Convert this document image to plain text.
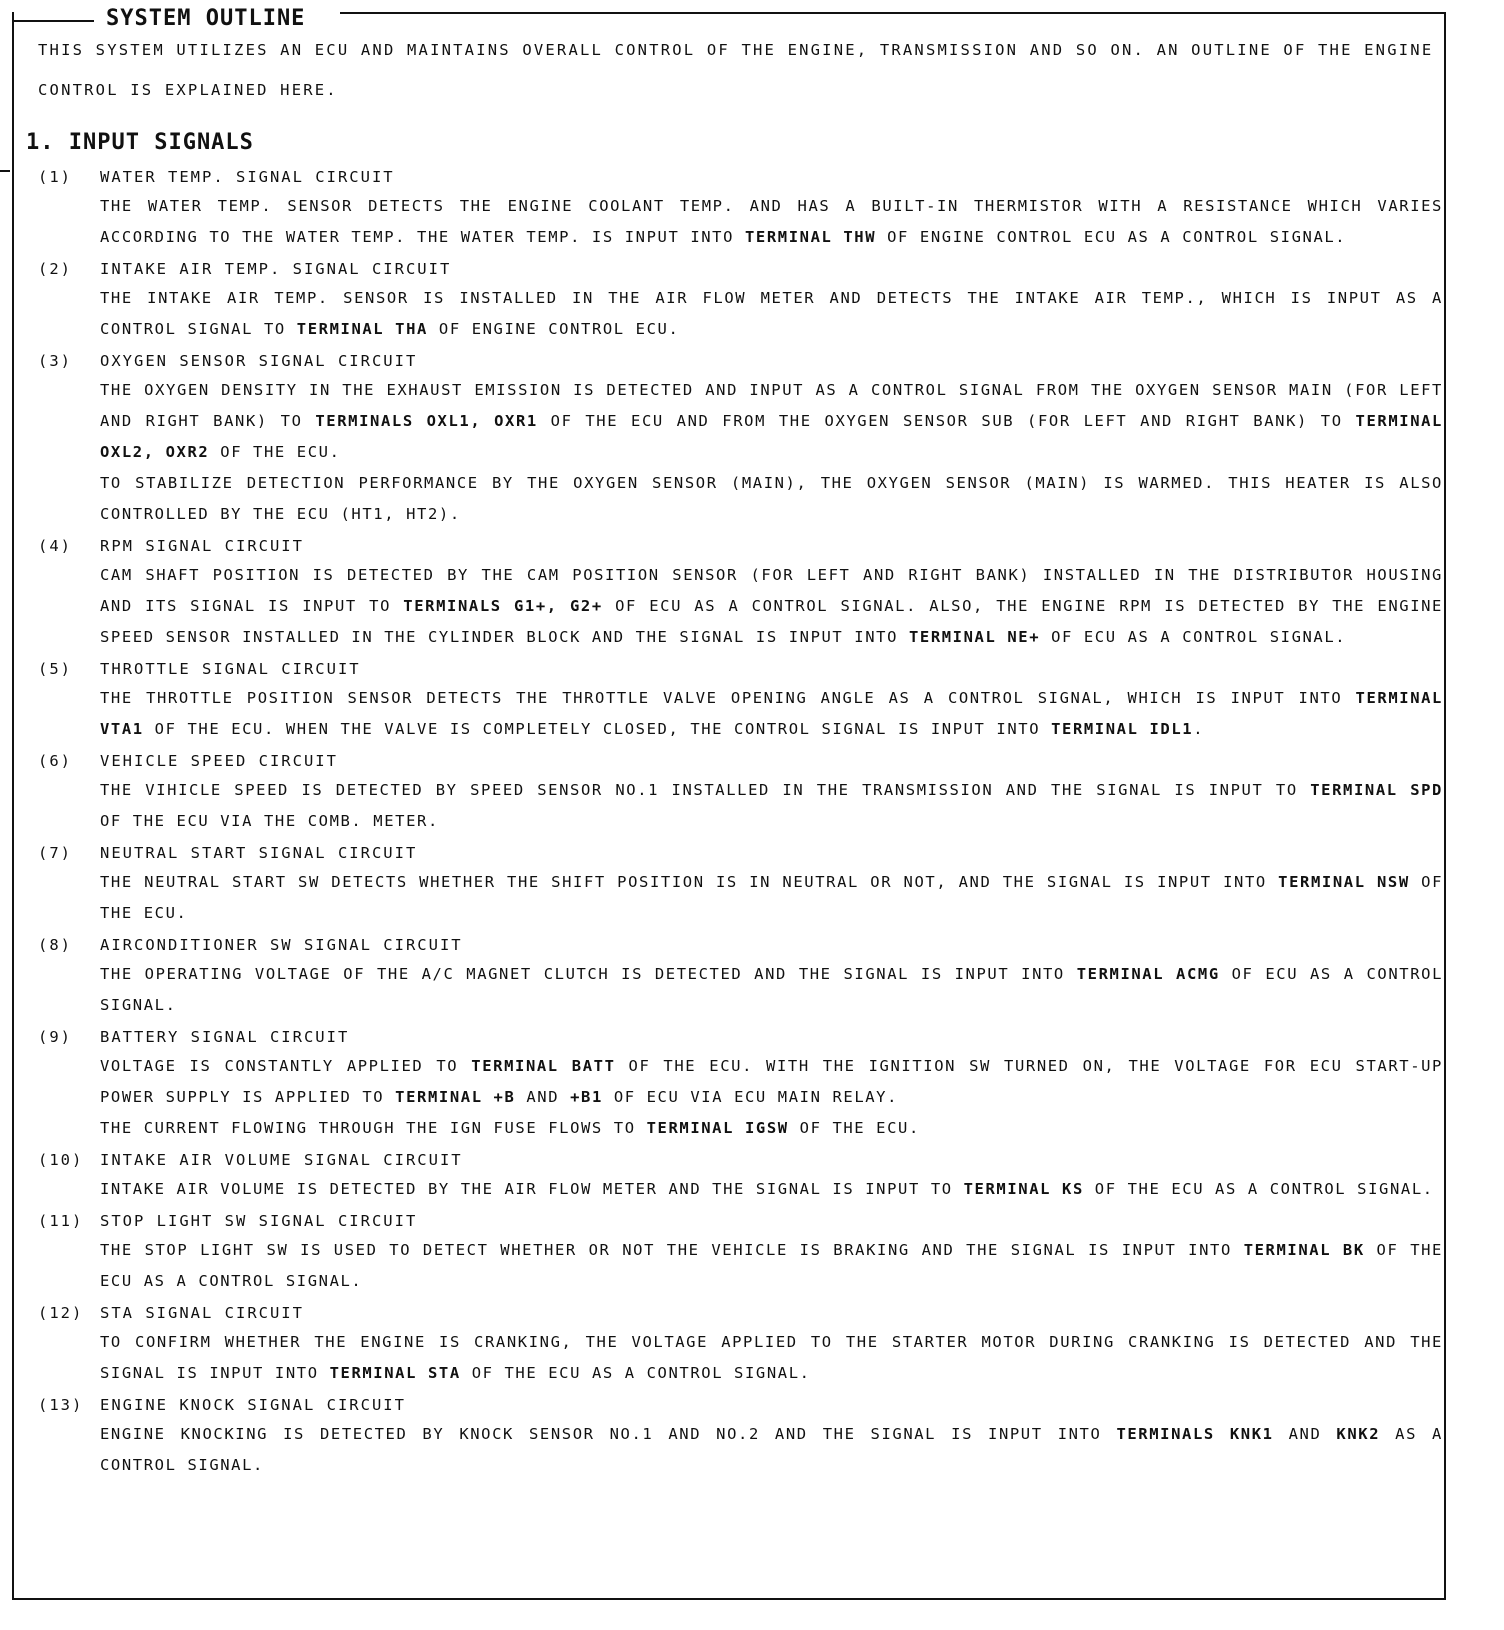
SYSTEM OUTLINE
THIS SYSTEM UTILIZES AN ECU AND MAINTAINS OVERALL CONTROL OF THE ENGINE, TRANSMISSION AND SO ON. AN OUTLINE OF THE ENGINE CONTROL IS EXPLAINED HERE.
1. INPUT SIGNALS
(1) WATER TEMP. SIGNAL CIRCUIT
THE WATER TEMP. SENSOR DETECTS THE ENGINE COOLANT TEMP. AND HAS A BUILT-IN THERMISTOR WITH A RESISTANCE WHICH VARIES ACCORDING TO THE WATER TEMP. THE WATER TEMP. IS INPUT INTO TERMINAL THW OF ENGINE CONTROL ECU AS A CONTROL SIGNAL.
(2) INTAKE AIR TEMP. SIGNAL CIRCUIT
THE INTAKE AIR TEMP. SENSOR IS INSTALLED IN THE AIR FLOW METER AND DETECTS THE INTAKE AIR TEMP., WHICH IS INPUT AS A CONTROL SIGNAL TO TERMINAL THA OF ENGINE CONTROL ECU.
(3) OXYGEN SENSOR SIGNAL CIRCUIT
THE OXYGEN DENSITY IN THE EXHAUST EMISSION IS DETECTED AND INPUT AS A CONTROL SIGNAL FROM THE OXYGEN SENSOR MAIN (FOR LEFT AND RIGHT BANK) TO TERMINALS OXL1, OXR1 OF THE ECU AND FROM THE OXYGEN SENSOR SUB (FOR LEFT AND RIGHT BANK) TO TERMINAL OXL2, OXR2 OF THE ECU.
TO STABILIZE DETECTION PERFORMANCE BY THE OXYGEN SENSOR (MAIN), THE OXYGEN SENSOR (MAIN) IS WARMED. THIS HEATER IS ALSO CONTROLLED BY THE ECU (HT1, HT2).
(4) RPM SIGNAL CIRCUIT
CAM SHAFT POSITION IS DETECTED BY THE CAM POSITION SENSOR (FOR LEFT AND RIGHT BANK) INSTALLED IN THE DISTRIBUTOR HOUSING AND ITS SIGNAL IS INPUT TO TERMINALS G1+, G2+ OF ECU AS A CONTROL SIGNAL. ALSO, THE ENGINE RPM IS DETECTED BY THE ENGINE SPEED SENSOR INSTALLED IN THE CYLINDER BLOCK AND THE SIGNAL IS INPUT INTO TERMINAL NE+ OF ECU AS A CONTROL SIGNAL.
(5) THROTTLE SIGNAL CIRCUIT
THE THROTTLE POSITION SENSOR DETECTS THE THROTTLE VALVE OPENING ANGLE AS A CONTROL SIGNAL, WHICH IS INPUT INTO TERMINAL VTA1 OF THE ECU. WHEN THE VALVE IS COMPLETELY CLOSED, THE CONTROL SIGNAL IS INPUT INTO TERMINAL IDL1.
(6) VEHICLE SPEED CIRCUIT
THE VIHICLE SPEED IS DETECTED BY SPEED SENSOR NO.1 INSTALLED IN THE TRANSMISSION AND THE SIGNAL IS INPUT TO TERMINAL SPD OF THE ECU VIA THE COMB. METER.
(7) NEUTRAL START SIGNAL CIRCUIT
THE NEUTRAL START SW DETECTS WHETHER THE SHIFT POSITION IS IN NEUTRAL OR NOT, AND THE SIGNAL IS INPUT INTO TERMINAL NSW OF THE ECU.
(8) AIRCONDITIONER SW SIGNAL CIRCUIT
THE OPERATING VOLTAGE OF THE A/C MAGNET CLUTCH IS DETECTED AND THE SIGNAL IS INPUT INTO TERMINAL ACMG OF ECU AS A CONTROL SIGNAL.
(9) BATTERY SIGNAL CIRCUIT
VOLTAGE IS CONSTANTLY APPLIED TO TERMINAL BATT OF THE ECU. WITH THE IGNITION SW TURNED ON, THE VOLTAGE FOR ECU START-UP POWER SUPPLY IS APPLIED TO TERMINAL +B AND +B1 OF ECU VIA ECU MAIN RELAY.
THE CURRENT FLOWING THROUGH THE IGN FUSE FLOWS TO TERMINAL IGSW OF THE ECU.
(10) INTAKE AIR VOLUME SIGNAL CIRCUIT
INTAKE AIR VOLUME IS DETECTED BY THE AIR FLOW METER AND THE SIGNAL IS INPUT TO TERMINAL KS OF THE ECU AS A CONTROL SIGNAL.
(11) STOP LIGHT SW SIGNAL CIRCUIT
THE STOP LIGHT SW IS USED TO DETECT WHETHER OR NOT THE VEHICLE IS BRAKING AND THE SIGNAL IS INPUT INTO TERMINAL BK OF THE ECU AS A CONTROL SIGNAL.
(12) STA SIGNAL CIRCUIT
TO CONFIRM WHETHER THE ENGINE IS CRANKING, THE VOLTAGE APPLIED TO THE STARTER MOTOR DURING CRANKING IS DETECTED AND THE SIGNAL IS INPUT INTO TERMINAL STA OF THE ECU AS A CONTROL SIGNAL.
(13) ENGINE KNOCK SIGNAL CIRCUIT
ENGINE KNOCKING IS DETECTED BY KNOCK SENSOR NO.1 AND NO.2 AND THE SIGNAL IS INPUT INTO TERMINALS KNK1 AND KNK2 AS A CONTROL SIGNAL.
